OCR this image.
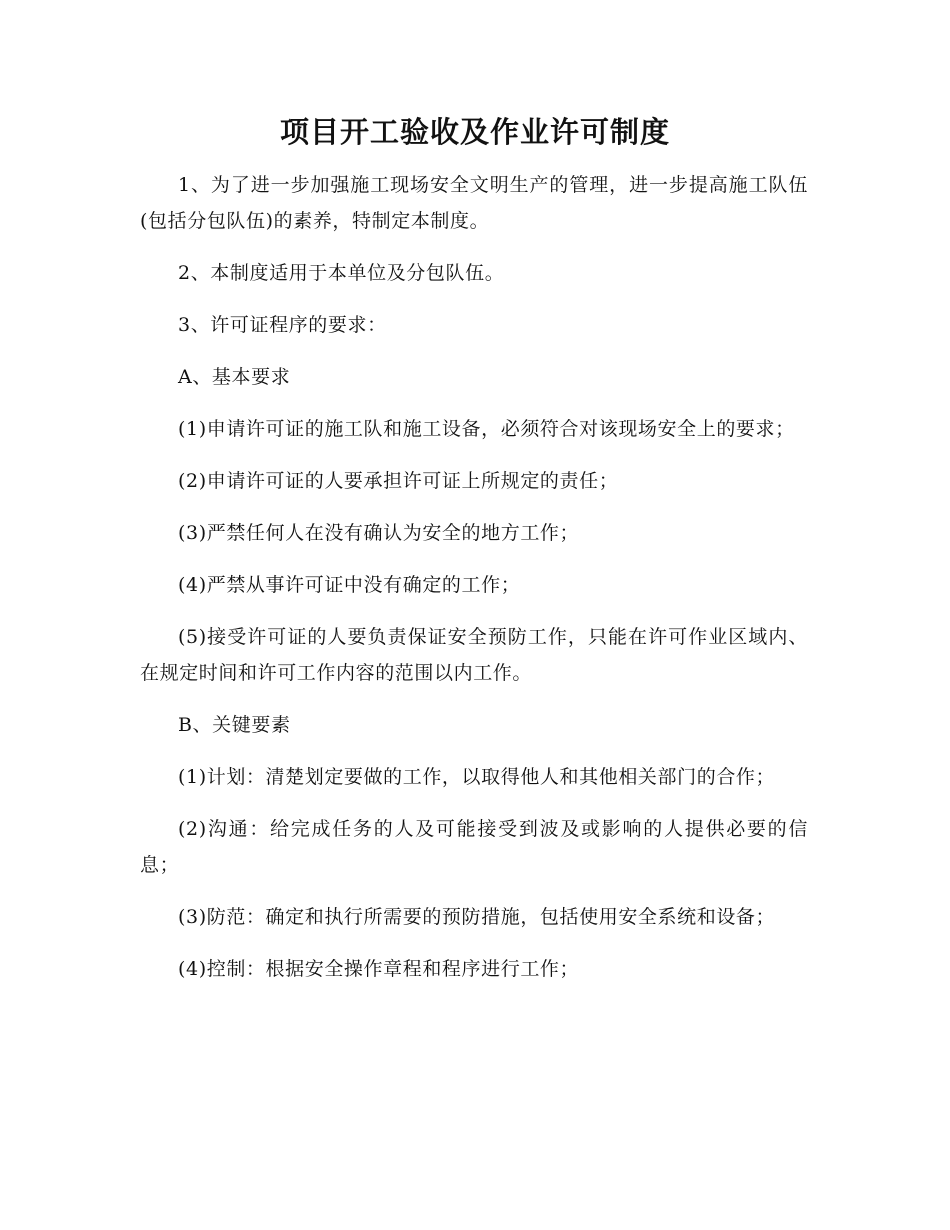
项目开工验收及作业许可制度

1、为了进一步加强施工现场安全文明生产的管理，进一步提高施工队伍(包括分包队伍)的素养，特制定本制度。

2、本制度适用于本单位及分包队伍。

3、许可证程序的要求：

A、基本要求

(1)申请许可证的施工队和施工设备，必须符合对该现场安全上的要求；

(2)申请许可证的人要承担许可证上所规定的责任；

(3)严禁任何人在没有确认为安全的地方工作；

(4)严禁从事许可证中没有确定的工作；

(5)接受许可证的人要负责保证安全预防工作，只能在许可作业区域内、在规定时间和许可工作内容的范围以内工作。

B、关键要素

(1)计划：清楚划定要做的工作，以取得他人和其他相关部门的合作；

(2)沟通：给完成任务的人及可能接受到波及或影响的人提供必要的信息；

(3)防范：确定和执行所需要的预防措施，包括使用安全系统和设备；

(4)控制：根据安全操作章程和程序进行工作；
